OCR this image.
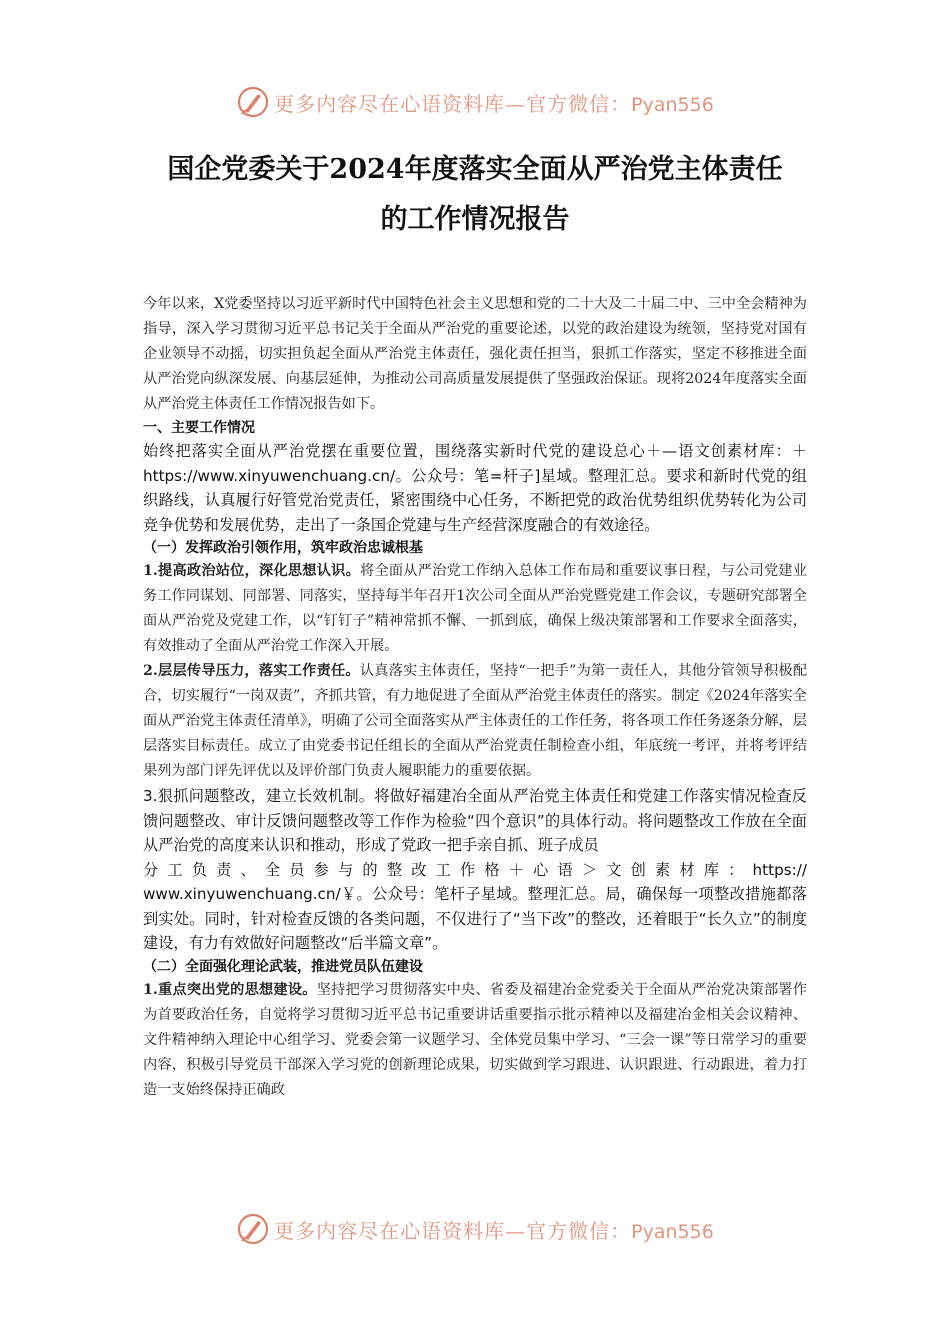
更多内容尽在心语资料库—官方微信：Pyan556
国企党委关于2024年度落实全面从严治党主体责任
的工作情况报告

今年以来，X党委坚持以习近平新时代中国特色社会主义思想和党的二十大及二十届二中、三中全会精神为指导，深入学习贯彻习近平总书记关于全面从严治党的重要论述，以党的政治建设为统领，坚持党对国有企业领导不动摇，切实担负起全面从严治党主体责任，强化责任担当，狠抓工作落实，坚定不移推进全面从严治党向纵深发展、向基层延伸，为推动公司高质量发展提供了坚强政治保证。现将2024年度落实全面从严治党主体责任工作情况报告如下。

一、主要工作情况

始终把落实全面从严治党摆在重要位置，围绕落实新时代党的建设总心＋—语文创素材库：＋https://www.xinyuwenchuang.cn/。公众号：笔=杆子]星域。整理汇总。要求和新时代党的组织路线，认真履行好管党治党责任，紧密围绕中心任务，不断把党的政治优势组织优势转化为公司竞争优势和发展优势，走出了一条国企党建与生产经营深度融合的有效途径。

（一）发挥政治引领作用，筑牢政治忠诚根基

1.提高政治站位，深化思想认识。将全面从严治党工作纳入总体工作布局和重要议事日程，与公司党建业务工作同谋划、同部署、同落实，坚持每半年召开1次公司全面从严治党暨党建工作会议，专题研究部署全面从严治党及党建工作，以“钉钉子”精神常抓不懈、一抓到底，确保上级决策部署和工作要求全面落实，有效推动了全面从严治党工作深入开展。

2.层层传导压力，落实工作责任。认真落实主体责任，坚持“一把手”为第一责任人，其他分管领导积极配合，切实履行“一岗双责”，齐抓共管，有力地促进了全面从严治党主体责任的落实。制定《2024年落实全面从严治党主体责任清单》，明确了公司全面落实从严主体责任的工作任务，将各项工作任务逐条分解，层层落实目标责任。成立了由党委书记任组长的全面从严治党责任制检查小组，年底统一考评，并将考评结果列为部门评先评优以及评价部门负责人履职能力的重要依据。

3.狠抓问题整改，建立长效机制。将做好福建冶全面从严治党主体责任和党建工作落实情况检查反馈问题整改、审计反馈问题整改等工作作为检验“四个意识”的具体行动。将问题整改工作放在全面从严治党的高度来认识和推动，形成了党政一把手亲自抓、班子成员

分工负责、全员参与的整改工作格＋心语＞文创素材库：https://

www.xinyuwenchuang.cn/￥。公众号：笔杆子星域。整理汇总。局，确保每一项整改措施都落到实处。同时，针对检查反馈的各类问题，不仅进行了“当下改”的整改，还着眼于“长久立”的制度建设，有力有效做好问题整改“后半篇文章”。

（二）全面强化理论武装，推进党员队伍建设

1.重点突出党的思想建设。坚持把学习贯彻落实中央、省委及福建冶金党委关于全面从严治党决策部署作为首要政治任务，自觉将学习贯彻习近平总书记重要讲话重要指示批示精神以及福建冶金相关会议精神、文件精神纳入理论中心组学习、党委会第一议题学习、全体党员集中学习、“三会一课”等日常学习的重要内容，积极引导党员干部深入学习党的创新理论成果，切实做到学习跟进、认识跟进、行动跟进，着力打造一支始终保持正确政

更多内容尽在心语资料库—官方微信：Pyan556
